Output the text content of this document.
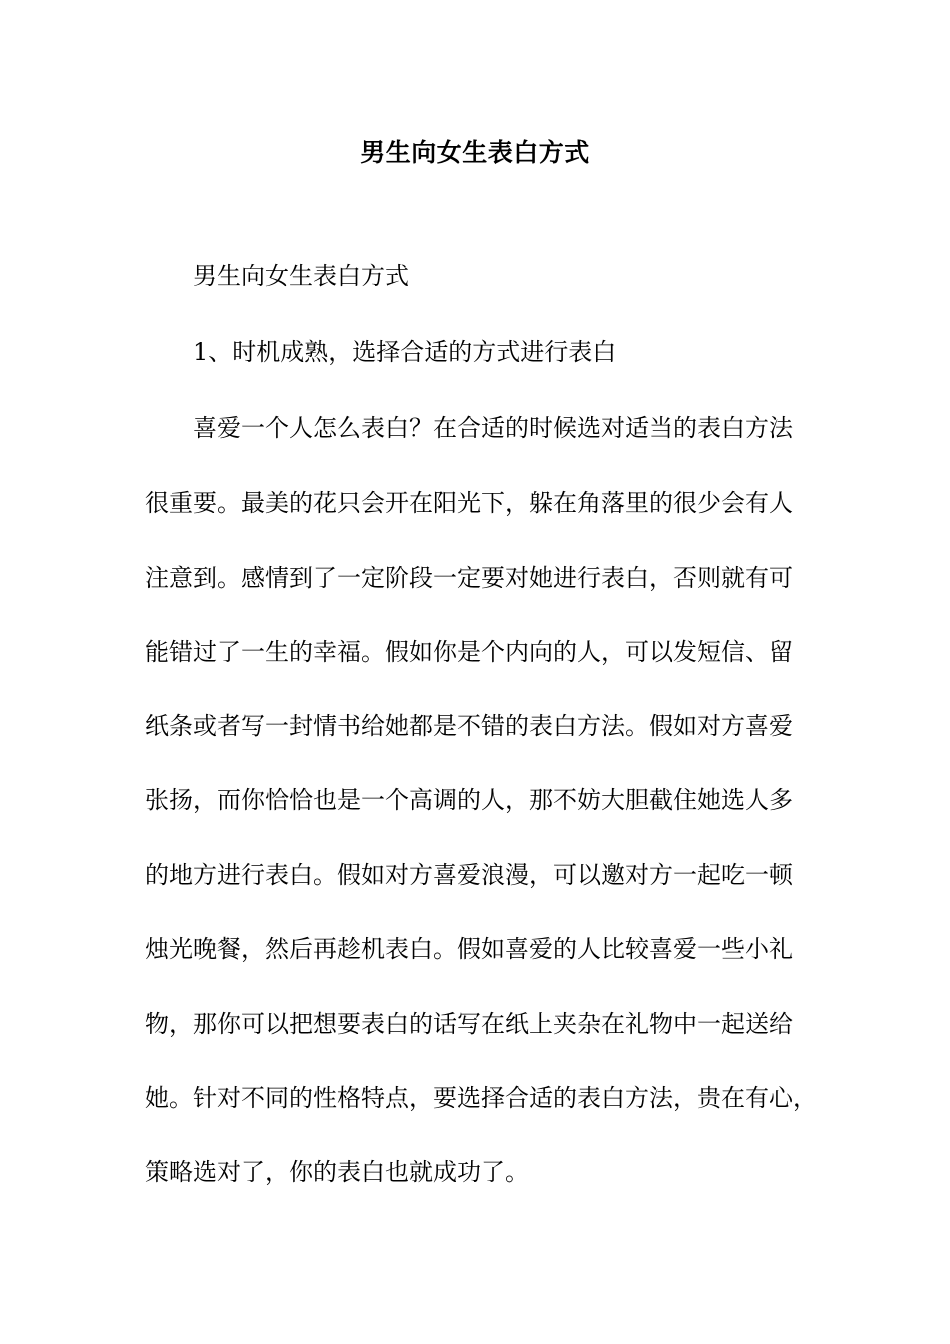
男生向女生表白方式
男生向女生表白方式
1、时机成熟，选择合适的方式进行表白
喜爱一个人怎么表白？在合适的时候选对适当的表白方法
很重要。最美的花只会开在阳光下，躲在角落里的很少会有人
注意到。感情到了一定阶段一定要对她进行表白，否则就有可
能错过了一生的幸福。假如你是个内向的人，可以发短信、留
纸条或者写一封情书给她都是不错的表白方法。假如对方喜爱
张扬，而你恰恰也是一个高调的人，那不妨大胆截住她选人多
的地方进行表白。假如对方喜爱浪漫，可以邀对方一起吃一顿
烛光晚餐，然后再趁机表白。假如喜爱的人比较喜爱一些小礼
物，那你可以把想要表白的话写在纸上夹杂在礼物中一起送给
她。针对不同的性格特点，要选择合适的表白方法，贵在有心，
策略选对了，你的表白也就成功了。
